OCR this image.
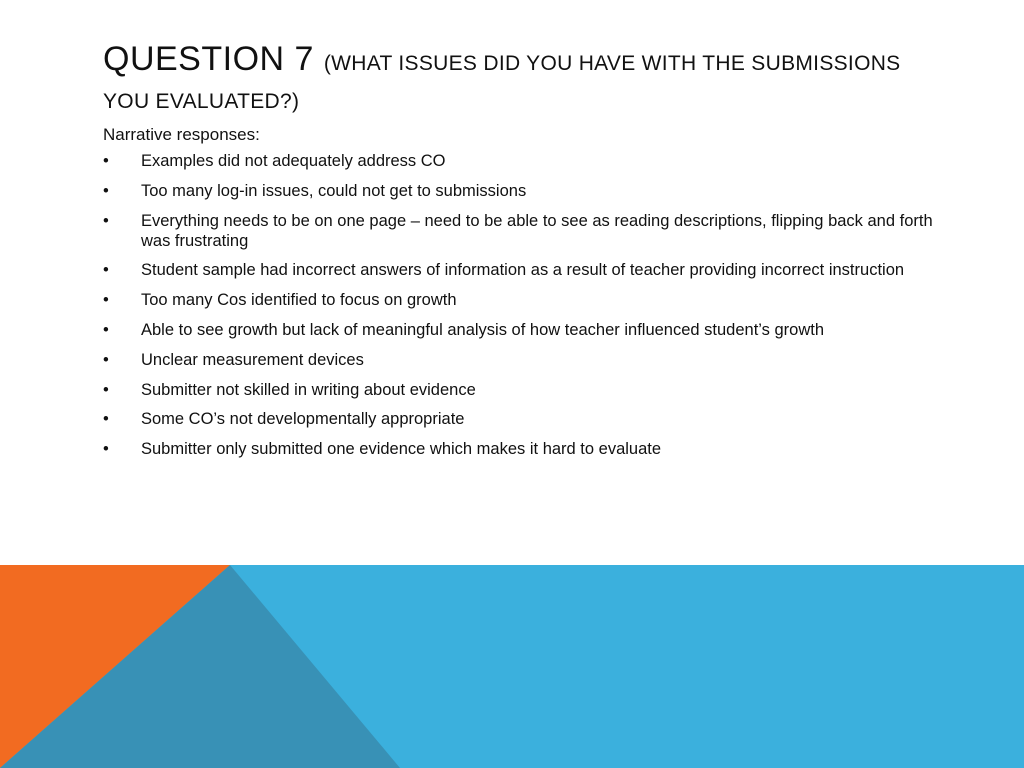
QUESTION 7 (WHAT ISSUES DID YOU HAVE WITH THE SUBMISSIONS YOU EVALUATED?)

Narrative responses:

• Examples did not adequately address CO
• Too many log-in issues, could not get to submissions
• Everything needs to be on one page – need to be able to see as reading descriptions, flipping back and forth was frustrating
• Student sample had incorrect answers of information as a result of teacher providing incorrect instruction
• Too many Cos identified to focus on growth
• Able to see growth but lack of meaningful analysis of how teacher influenced student’s growth
• Unclear measurement devices
• Submitter not skilled in writing about evidence
• Some CO’s not developmentally appropriate
• Submitter only submitted one evidence which makes it hard to evaluate
